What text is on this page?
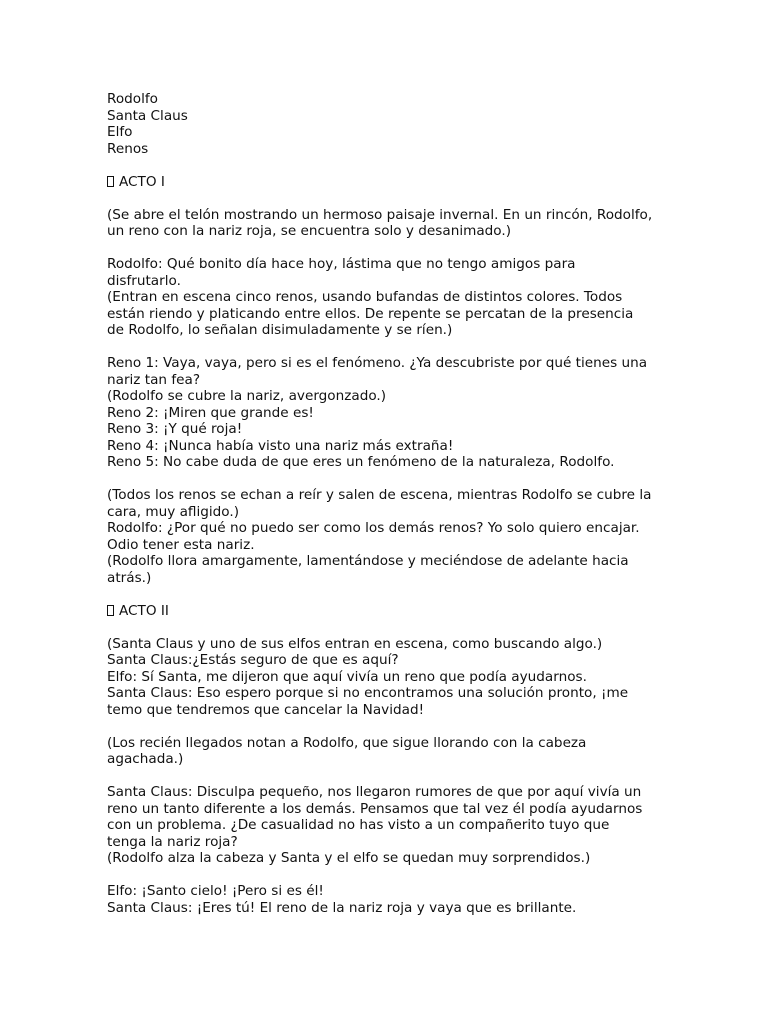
Rodolfo
Santa Claus
Elfo
Renos
ACTO I
(Se abre el telón mostrando un hermoso paisaje invernal. En un rincón, Rodolfo,
un reno con la nariz roja, se encuentra solo y desanimado.)
Rodolfo: Qué bonito día hace hoy, lástima que no tengo amigos para
disfrutarlo.
(Entran en escena cinco renos, usando bufandas de distintos colores. Todos
están riendo y platicando entre ellos. De repente se percatan de la presencia
de Rodolfo, lo señalan disimuladamente y se ríen.)
Reno 1: Vaya, vaya, pero si es el fenómeno. ¿Ya descubriste por qué tienes una
nariz tan fea?
(Rodolfo se cubre la nariz, avergonzado.)
Reno 2: ¡Miren que grande es!
Reno 3: ¡Y qué roja!
Reno 4: ¡Nunca había visto una nariz más extraña!
Reno 5: No cabe duda de que eres un fenómeno de la naturaleza, Rodolfo.
(Todos los renos se echan a reír y salen de escena, mientras Rodolfo se cubre la
cara, muy afligido.)
Rodolfo: ¿Por qué no puedo ser como los demás renos? Yo solo quiero encajar.
Odio tener esta nariz.
(Rodolfo llora amargamente, lamentándose y meciéndose de adelante hacia
atrás.)
ACTO II
(Santa Claus y uno de sus elfos entran en escena, como buscando algo.)
Santa Claus:¿Estás seguro de que es aquí?
Elfo: Sí Santa, me dijeron que aquí vivía un reno que podía ayudarnos.
Santa Claus: Eso espero porque si no encontramos una solución pronto, ¡me
temo que tendremos que cancelar la Navidad!
(Los recién llegados notan a Rodolfo, que sigue llorando con la cabeza
agachada.)
Santa Claus: Disculpa pequeño, nos llegaron rumores de que por aquí vivía un
reno un tanto diferente a los demás. Pensamos que tal vez él podía ayudarnos
con un problema. ¿De casualidad no has visto a un compañerito tuyo que
tenga la nariz roja?
(Rodolfo alza la cabeza y Santa y el elfo se quedan muy sorprendidos.)
Elfo: ¡Santo cielo! ¡Pero si es él!
Santa Claus: ¡Eres tú! El reno de la nariz roja y vaya que es brillante.
